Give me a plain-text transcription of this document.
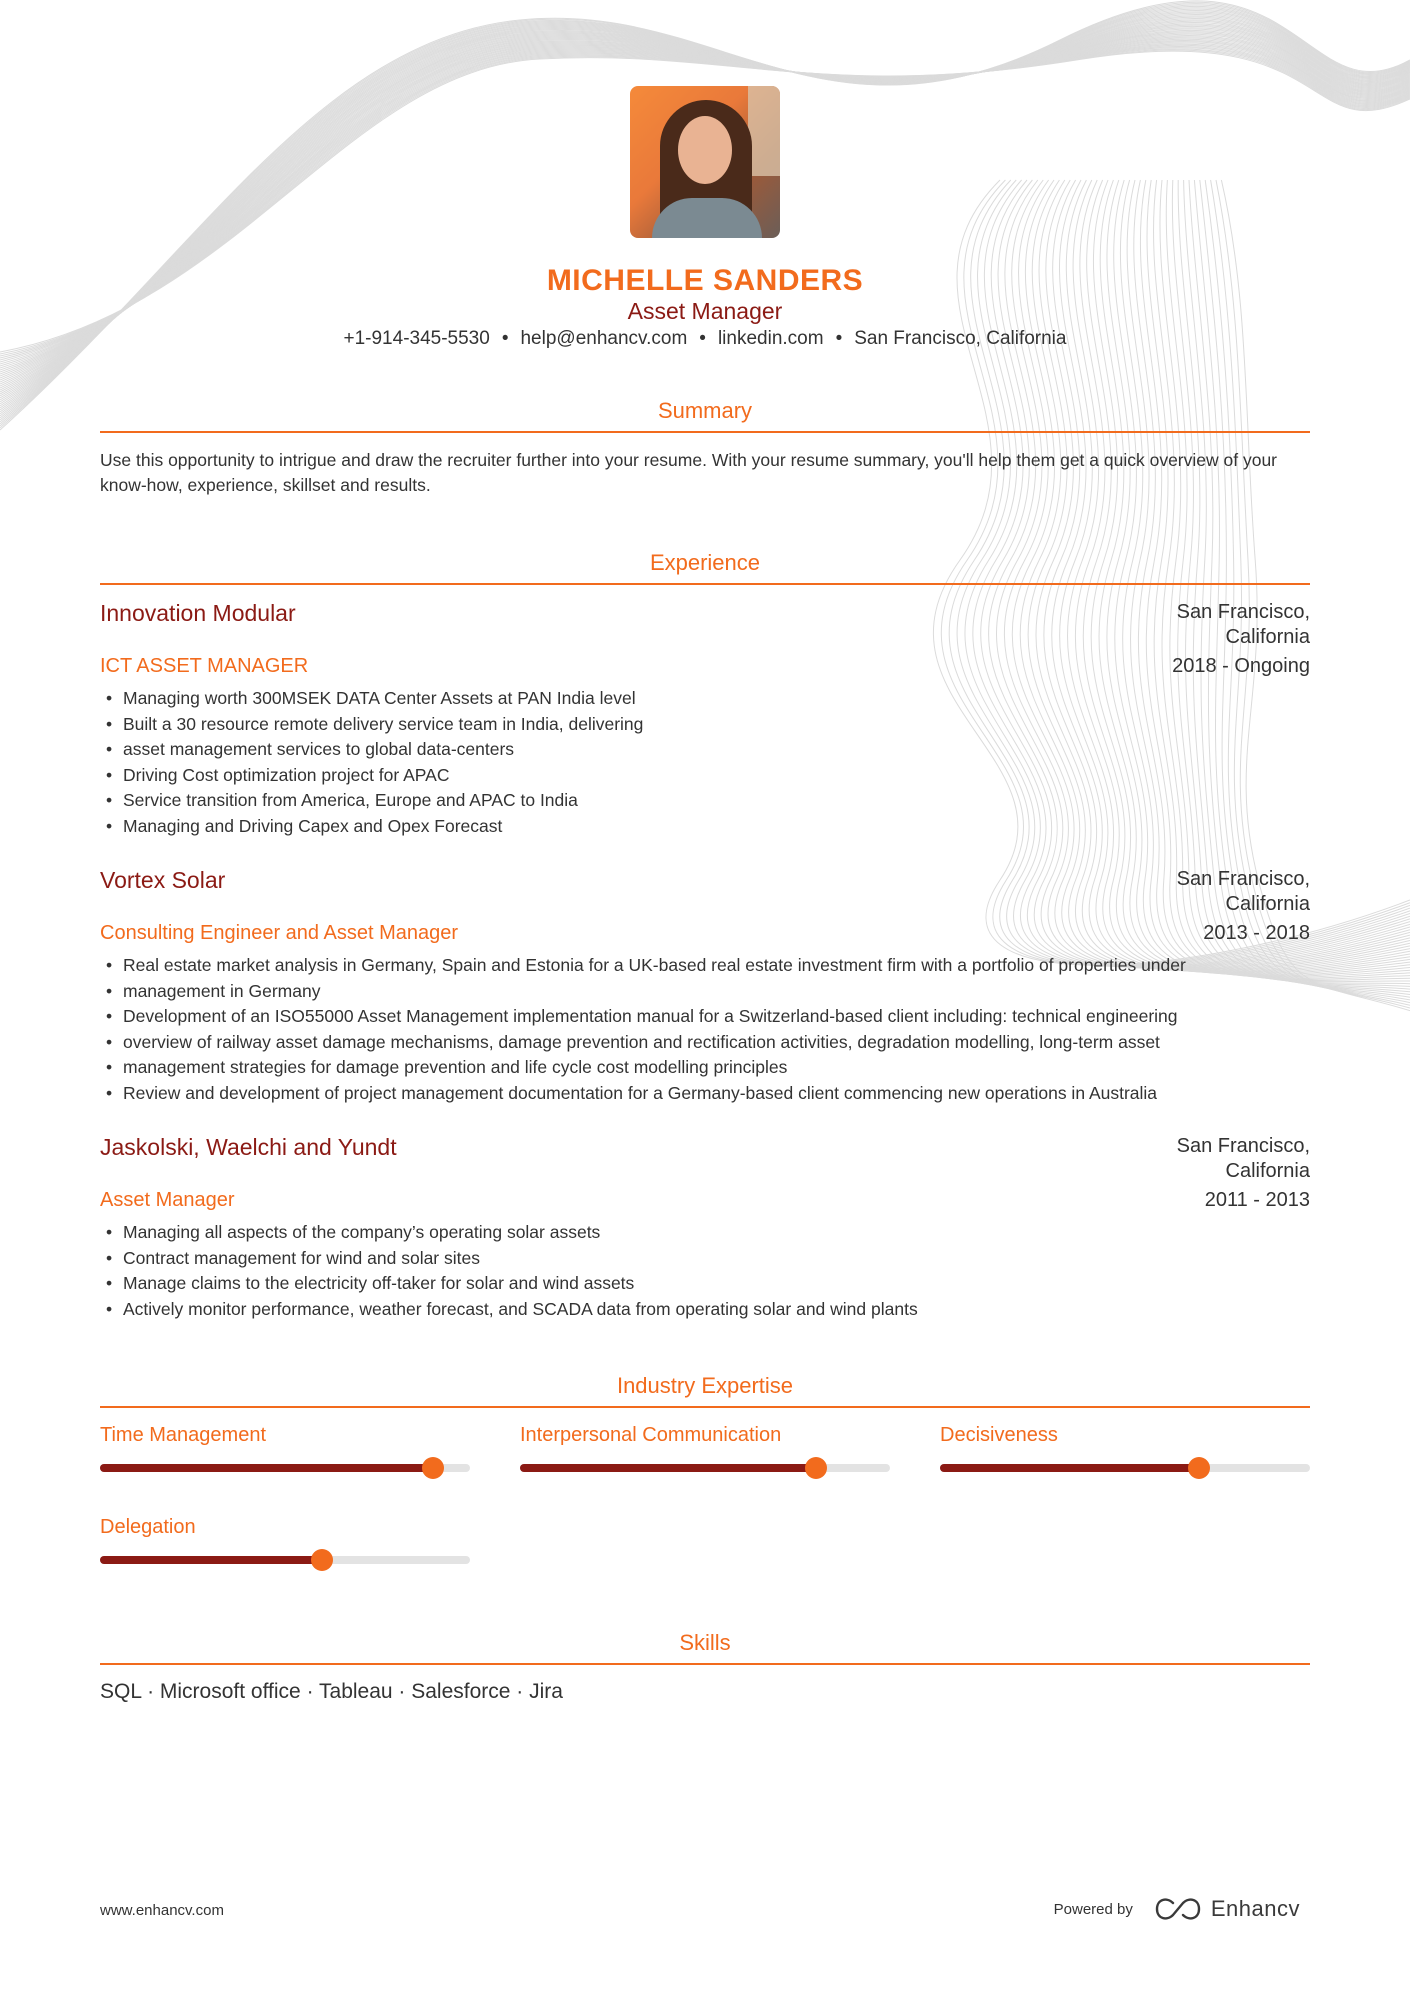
MICHELLE SANDERS
Asset Manager
+1-914-345-5530 • help@enhancv.com • linkedin.com • San Francisco, California
Summary
Use this opportunity to intrigue and draw the recruiter further into your resume. With your resume summary, you'll help them get a quick overview of your know-how, experience, skillset and results.
Experience
Innovation Modular	San Francisco,
California
ICT ASSET MANAGER	2018 - Ongoing
• Managing worth 300MSEK DATA Center Assets at PAN India level
• Built a 30 resource remote delivery service team in India, delivering
• asset management services to global data-centers
• Driving Cost optimization project for APAC
• Service transition from America, Europe and APAC to India
• Managing and Driving Capex and Opex Forecast
Vortex Solar	San Francisco,
California
Consulting Engineer and Asset Manager	2013 - 2018
• Real estate market analysis in Germany, Spain and Estonia for a UK-based real estate investment firm with a portfolio of properties under
• management in Germany
• Development of an ISO55000 Asset Management implementation manual for a Switzerland-based client including: technical engineering
• overview of railway asset damage mechanisms, damage prevention and rectification activities, degradation modelling, long-term asset
• management strategies for damage prevention and life cycle cost modelling principles
• Review and development of project management documentation for a Germany-based client commencing new operations in Australia
Jaskolski, Waelchi and Yundt	San Francisco,
California
Asset Manager	2011 - 2013
• Managing all aspects of the company’s operating solar assets
• Contract management for wind and solar sites
• Manage claims to the electricity off-taker for solar and wind assets
• Actively monitor performance, weather forecast, and SCADA data from operating solar and wind plants
Industry Expertise
Time Management	Interpersonal Communication	Decisiveness
Delegation
Skills
SQL · Microsoft office · Tableau · Salesforce · Jira
www.enhancv.com	Powered by	Enhancv
